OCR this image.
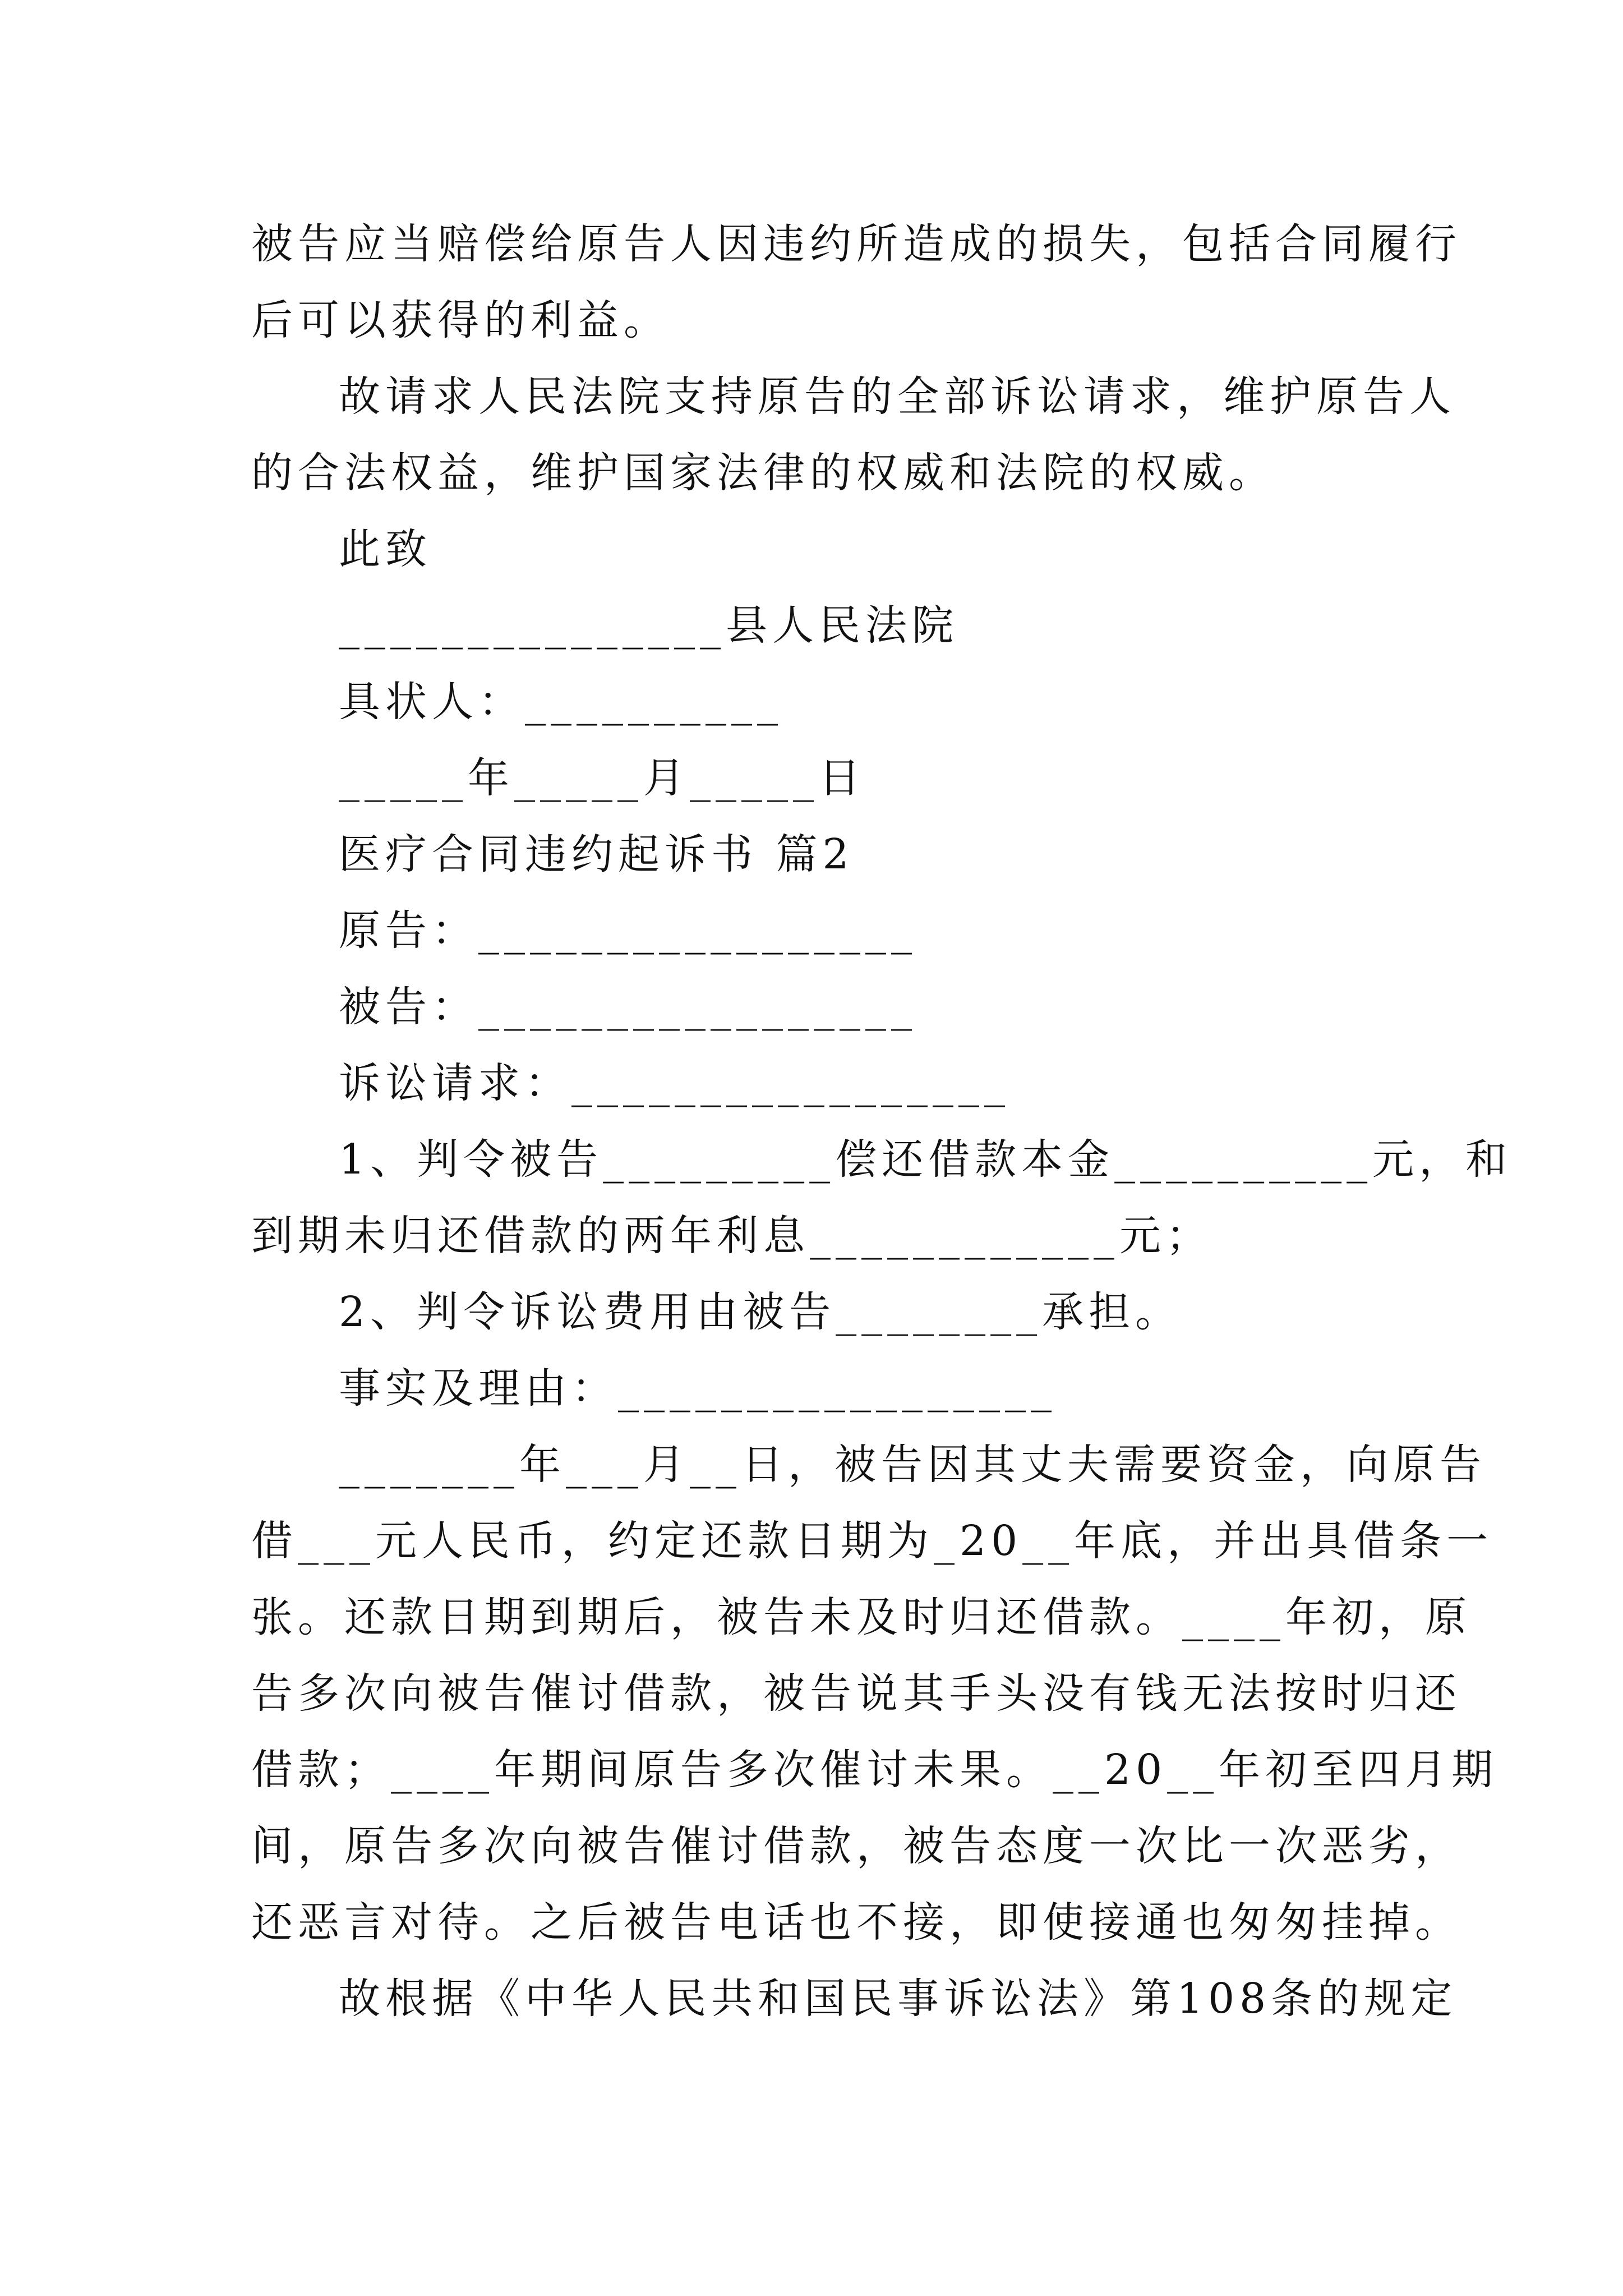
被告应当赔偿给原告人因违约所造成的损失，包括合同履行
后可以获得的利益。
故请求人民法院支持原告的全部诉讼请求，维护原告人
的合法权益，维护国家法律的权威和法院的权威。
此致
_______________县人民法院
具状人：__________
_____年_____月_____日
医疗合同违约起诉书 篇2
原告：_________________
被告：_________________
诉讼请求：_________________
1、判令被告_________偿还借款本金__________元，和
到期未归还借款的两年利息____________元；
2、判令诉讼费用由被告________承担。
事实及理由：_________________
_______年___月__日，被告因其丈夫需要资金，向原告
借___元人民币，约定还款日期为_20__年底，并出具借条一
张。还款日期到期后，被告未及时归还借款。____年初，原
告多次向被告催讨借款，被告说其手头没有钱无法按时归还
借款；____年期间原告多次催讨未果。__20__年初至四月期
间，原告多次向被告催讨借款，被告态度一次比一次恶劣，
还恶言对待。之后被告电话也不接，即使接通也匆匆挂掉。
故根据《中华人民共和国民事诉讼法》第108条的规定
